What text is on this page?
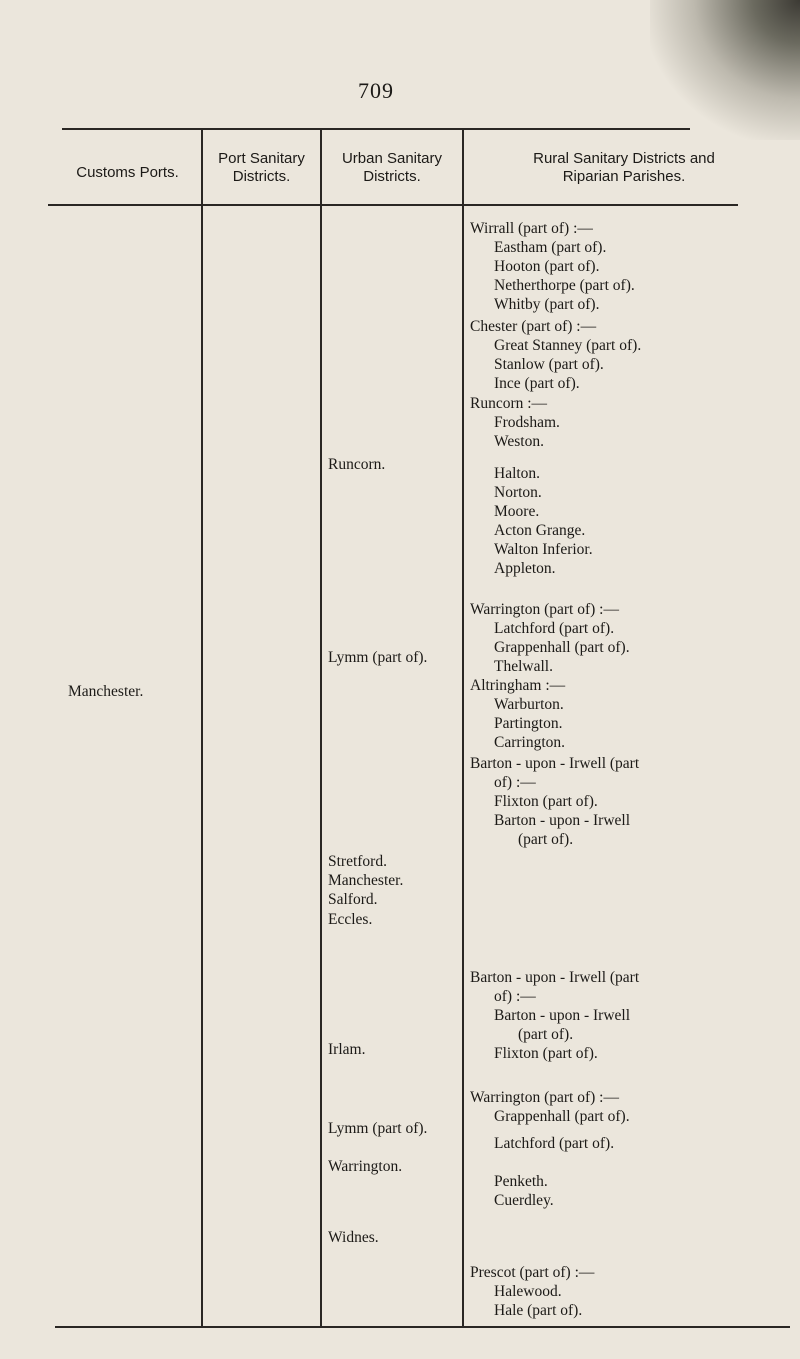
709
Customs Ports.
Port Sanitary
Districts.
Urban Sanitary
Districts.
Rural Sanitary Districts and
Riparian Parishes.
Manchester.
Runcorn.
Lymm (part of).
Stretford.
Manchester.
Salford.
Eccles.
Irlam.
Lymm (part of).
Warrington.
Widnes.
Wirrall (part of) :—
Eastham (part of).
Hooton (part of).
Netherthorpe (part of).
Whitby (part of).
Chester (part of) :—
Great Stanney (part of).
Stanlow (part of).
Ince (part of).
Runcorn :—
Frodsham.
Weston.
Halton.
Norton.
Moore.
Acton Grange.
Walton Inferior.
Appleton.
Warrington (part of) :—
Latchford (part of).
Grappenhall (part of).
Thelwall.
Altringham :—
Warburton.
Partington.
Carrington.
Barton - upon - Irwell (part
of) :—
Flixton (part of).
Barton - upon - Irwell
(part of).
Barton - upon - Irwell (part
of) :—
Barton - upon - Irwell
(part of).
Flixton (part of).
Warrington (part of) :—
Grappenhall (part of).
Latchford (part of).
Penketh.
Cuerdley.
Prescot (part of) :—
Halewood.
Hale (part of).
